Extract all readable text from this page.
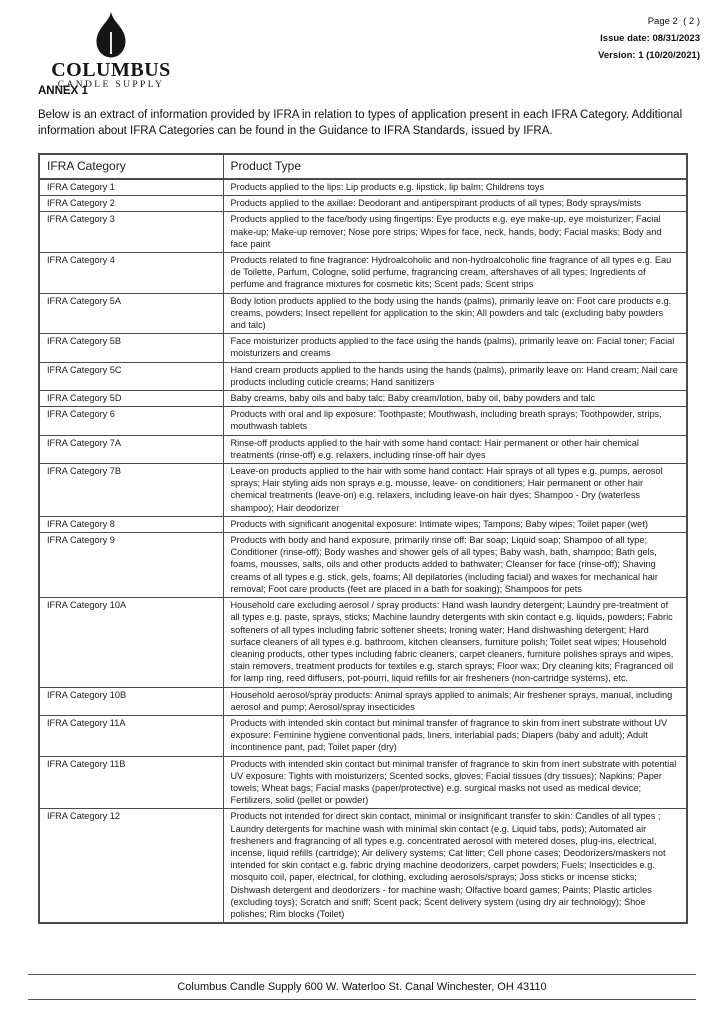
COLUMBUS
CANDLE SUPPLY
Page 2  ( 2 )
Issue date: 08/31/2023
Version: 1 (10/20/2021)
ANNEX 1
Below is an extract of information provided by IFRA in relation to types of application present in each IFRA Category. Additional information about IFRA Categories can be found in the Guidance to IFRA Standards, issued by IFRA.
IFRA Category	Product Type
IFRA Category 1	Products applied to the lips: Lip products e.g. lipstick, lip balm; Childrens toys
IFRA Category 2	Products applied to the axillae: Deodorant and antiperspirant products of all types; Body sprays/mists
IFRA Category 3	Products applied to the face/body using fingertips: Eye products e.g. eye make-up, eye moisturizer; Facial make-up; Make-up remover; Nose pore strips; Wipes for face, neck, hands, body; Facial masks; Body and face paint
IFRA Category 4	Products related to fine fragrance: Hydroalcoholic and non-hydroalcoholic fine fragrance of all types e.g. Eau de Toilette, Parfum, Cologne, solid perfume, fragrancing cream, aftershaves of all types; Ingredients of perfume and fragrance mixtures for cosmetic kits; Scent pads; Scent strips
IFRA Category 5A	Body lotion products applied to the body using the hands (palms), primarily leave on: Foot care products e.g. creams, powders; Insect repellent for application to the skin; All powders and talc (excluding baby powders and talc)
IFRA Category 5B	Face moisturizer products applied to the face using the hands (palms), primarily leave on: Facial toner; Facial moisturizers and creams
IFRA Category 5C	Hand cream products applied to the hands using the hands (palms), primarily leave on: Hand cream; Nail care products including cuticle creams; Hand sanitizers
IFRA Category 5D	Baby creams, baby oils and baby talc: Baby cream/lotion, baby oil, baby powders and talc
IFRA Category 6	Products with oral and lip exposure: Toothpaste; Mouthwash, including breath sprays; Toothpowder, strips, mouthwash tablets
IFRA Category 7A	Rinse-off products applied to the hair with some hand contact: Hair permanent or other hair chemical treatments (rinse-off) e.g. relaxers, including rinse-off hair dyes
IFRA Category 7B	Leave-on products applied to the hair with some hand contact: Hair sprays of all types e.g. pumps, aerosol sprays; Hair styling aids non sprays e.g. mousse, leave- on conditioners; Hair permanent or other hair chemical treatments (leave-on) e.g. relaxers, including leave-on hair dyes; Shampoo - Dry (waterless shampoo); Hair deodorizer
IFRA Category 8	Products with significant anogenital exposure: Intimate wipes; Tampons; Baby wipes; Toilet paper (wet)
IFRA Category 9	Products with body and hand exposure, primarily rinse off: Bar soap; Liquid soap; Shampoo of all type; Conditioner (rinse-off); Body washes and shower gels of all types; Baby wash, bath, shampoo; Bath gels, foams, mousses, salts, oils and other products added to bathwater; Cleanser for face (rinse-off); Shaving creams of all types e.g. stick, gels, foams; All depilatories (including facial) and waxes for mechanical hair removal; Foot care products (feet are placed in a bath for soaking); Shampoos for pets
IFRA Category 10A	Household care excluding aerosol / spray products: Hand wash laundry detergent; Laundry pre-treatment of all types e.g. paste, sprays, sticks; Machine laundry detergents with skin contact e.g. liquids, powders; Fabric softeners of all types including fabric softener sheets; Ironing water; Hand dishwashing detergent; Hard surface cleaners of all types e.g. bathroom, kitchen cleansers, furniture polish; Toilet seat wipes; Household cleaning products, other types including fabric cleaners, carpet cleaners, furniture polishes sprays and wipes, stain removers, treatment products for textiles e.g. starch sprays; Floor wax; Dry cleaning kits; Fragranced oil for lamp ring, reed diffusers, pot-pourri, liquid refills for air fresheners (non-cartridge systems), etc.
IFRA Category 10B	Household aerosol/spray products: Animal sprays applied to animals; Air freshener sprays, manual, including aerosol and pump; Aerosol/spray insecticides
IFRA Category 11A	Products with intended skin contact but minimal transfer of fragrance to skin from inert substrate without UV exposure: Feminine hygiene conventional pads, liners, interlabial pads; Diapers (baby and adult); Adult incontinence pant, pad; Toilet paper (dry)
IFRA Category 11B	Products with intended skin contact but minimal transfer of fragrance to skin from inert substrate with potential UV exposure: Tights with moisturizers; Scented socks, gloves; Facial tissues (dry tissues); Napkins; Paper towels; Wheat bags; Facial masks (paper/protective) e.g. surgical masks not used as medical device; Fertilizers, solid (pellet or powder)
IFRA Category 12	Products not intended for direct skin contact, minimal or insignificant transfer to skin: Candles of all types ; Laundry detergents for machine wash with minimal skin contact (e.g. Liquid tabs, pods); Automated air fresheners and fragrancing of all types e.g. concentrated aerosol with metered doses, plug-ins, electrical, incense, liquid refills (cartridge); Air delivery systems; Cat litter; Cell phone cases; Deodorizers/maskers not intended for skin contact e.g. fabric drying machine deodorizers, carpet powders; Fuels; Insecticides e.g. mosquito coil, paper, electrical, for clothing, excluding aerosols/sprays; Joss sticks or incense sticks; Dishwash detergent and deodorizers - for machine wash; Olfactive board games; Paints; Plastic articles (excluding toys); Scratch and sniff; Scent pack; Scent delivery system (using dry air technology); Shoe polishes; Rim blocks (Toilet)
Columbus Candle Supply 600 W. Waterloo St. Canal Winchester, OH 43110
